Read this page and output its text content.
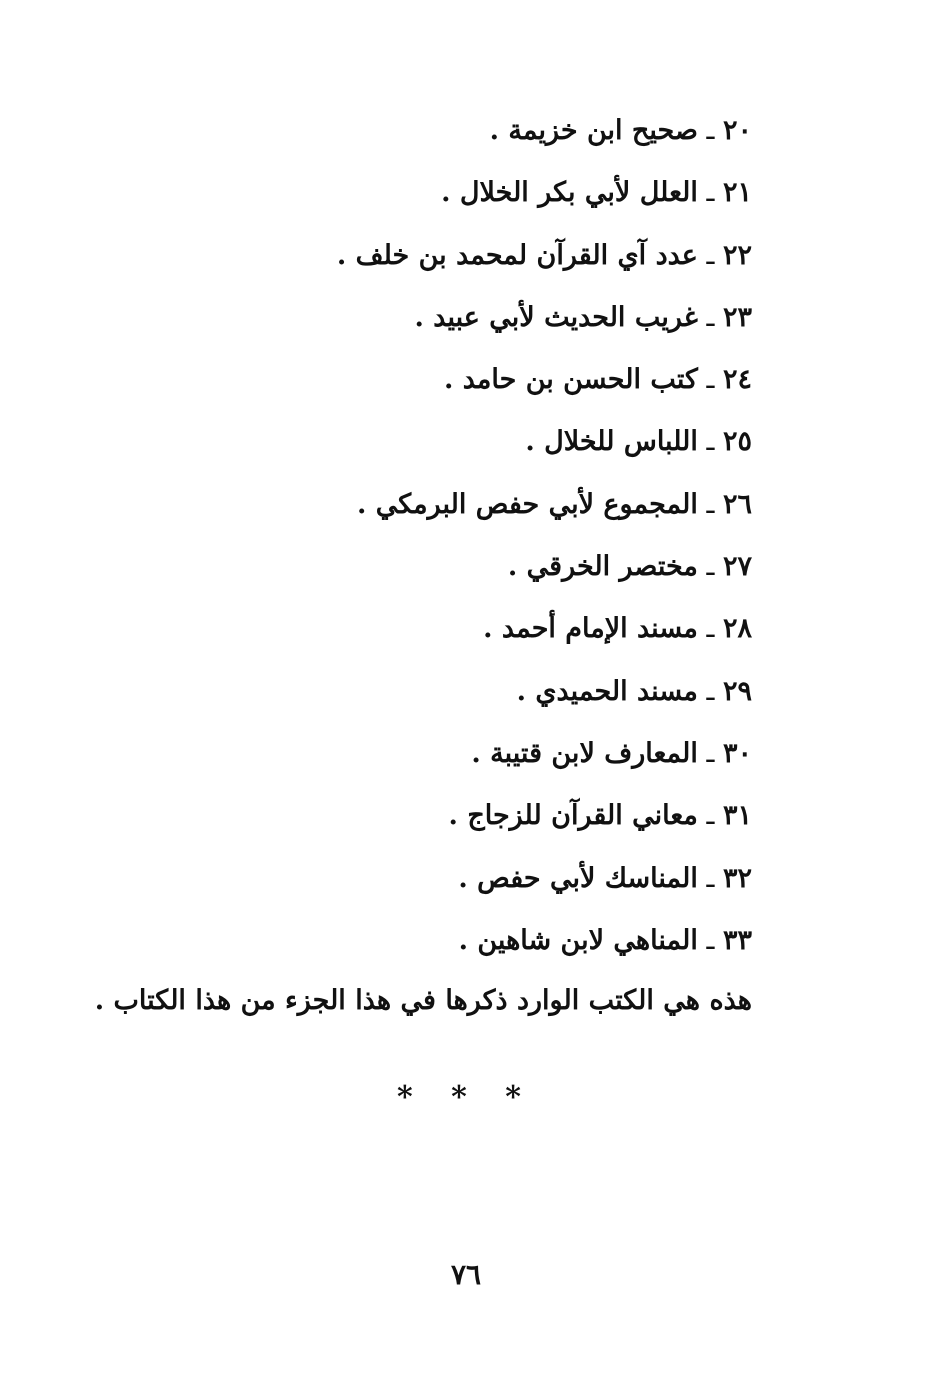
٢٠ ـ صحيح ابن خزيمة .
٢١ ـ العلل لأبي بكر الخلال .
٢٢ ـ عدد آي القرآن لمحمد بن خلف .
٢٣ ـ غريب الحديث لأبي عبيد .
٢٤ ـ كتب الحسن بن حامد .
٢٥ ـ اللباس للخلال .
٢٦ ـ المجموع لأبي حفص البرمكي .
٢٧ ـ مختصر الخرقي .
٢٨ ـ مسند الإمام أحمد .
٢٩ ـ مسند الحميدي .
٣٠ ـ المعارف لابن قتيبة .
٣١ ـ معاني القرآن للزجاج .
٣٢ ـ المناسك لأبي حفص .
٣٣ ـ المناهي لابن شاهين .
هذه هي الكتب الوارد ذكرها في هذا الجزء من هذا الكتاب .
* * *
٧٦
